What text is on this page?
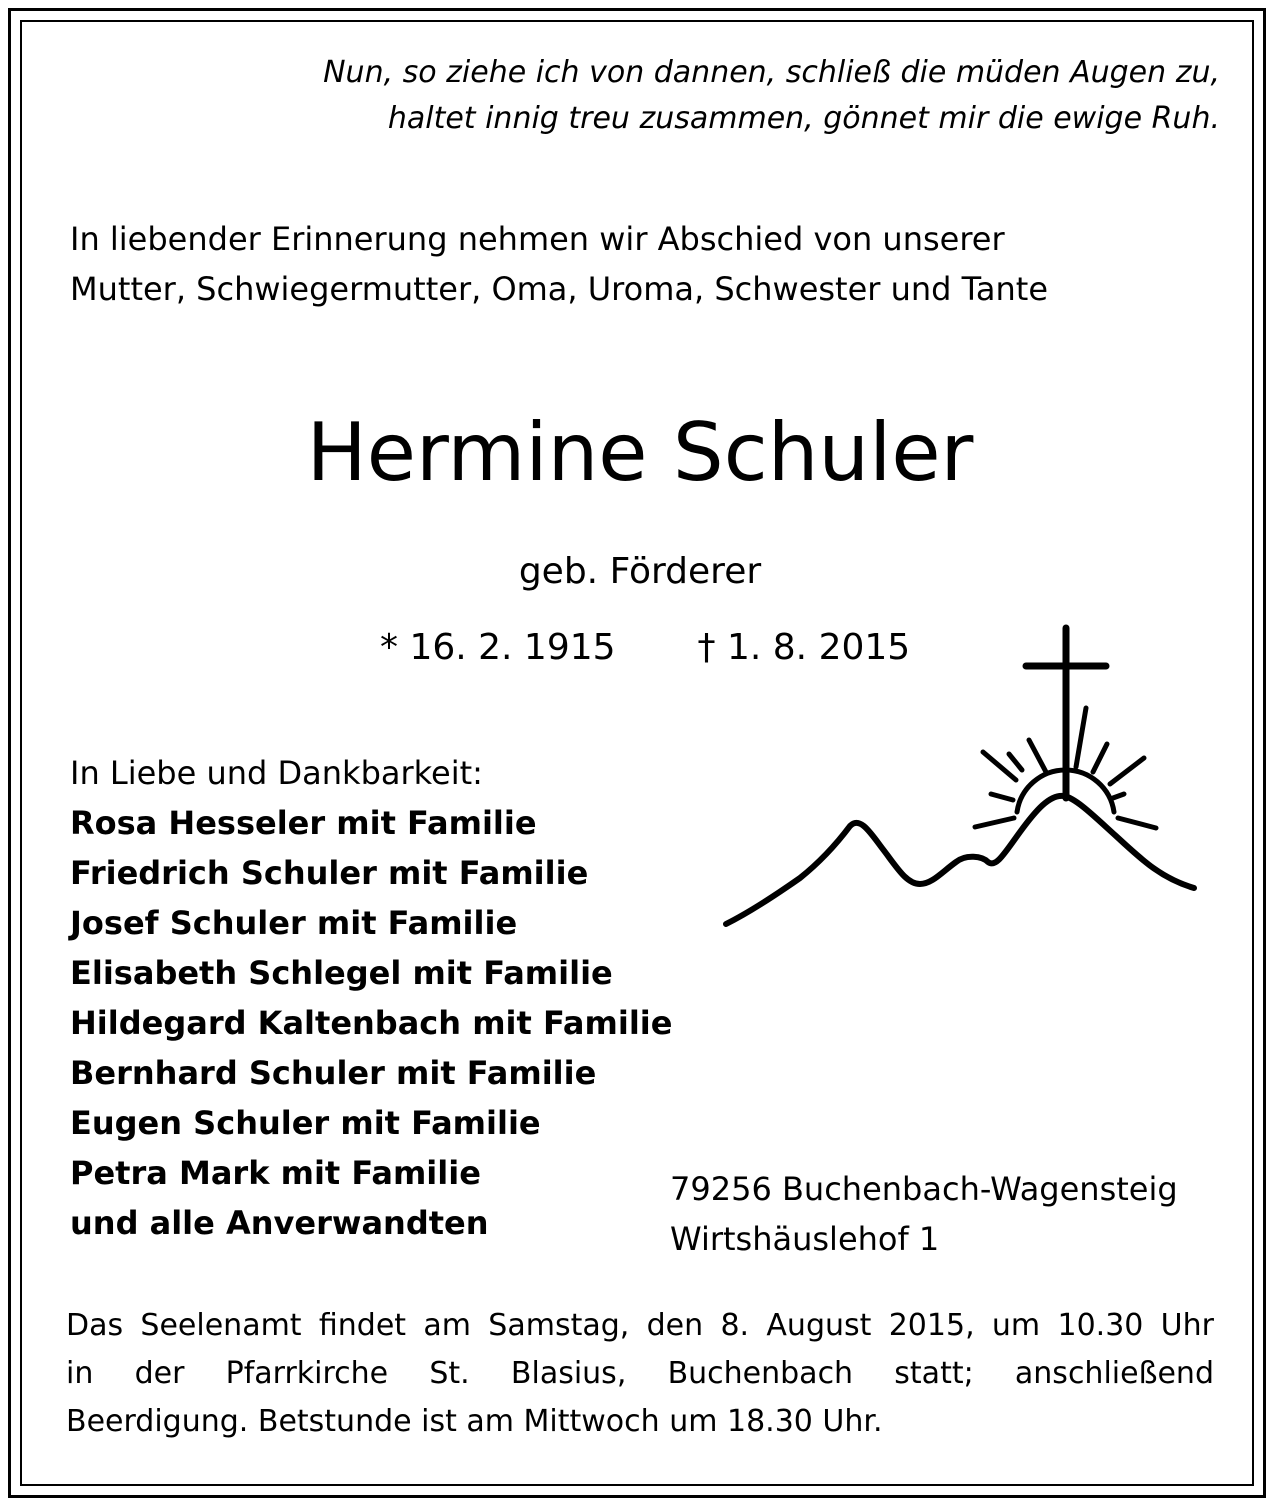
Nun, so ziehe ich von dannen, schließ die müden Augen zu,
haltet innig treu zusammen, gönnet mir die ewige Ruh.
In liebender Erinnerung nehmen wir Abschied von unserer
Mutter, Schwiegermutter, Oma, Uroma, Schwester und Tante
Hermine Schuler
geb. Förderer
* 16. 2. 1915 † 1. 8. 2015
In Liebe und Dankbarkeit:
Rosa Hesseler mit Familie
Friedrich Schuler mit Familie
Josef Schuler mit Familie
Elisabeth Schlegel mit Familie
Hildegard Kaltenbach mit Familie
Bernhard Schuler mit Familie
Eugen Schuler mit Familie
Petra Mark mit Familie
und alle Anverwandten
79256 Buchenbach-Wagensteig
Wirtshäuslehof 1
Das Seelenamt findet am Samstag, den 8. August 2015, um 10.30 Uhr
in der Pfarrkirche St. Blasius, Buchenbach statt; anschließend
Beerdigung. Betstunde ist am Mittwoch um 18.30 Uhr.
